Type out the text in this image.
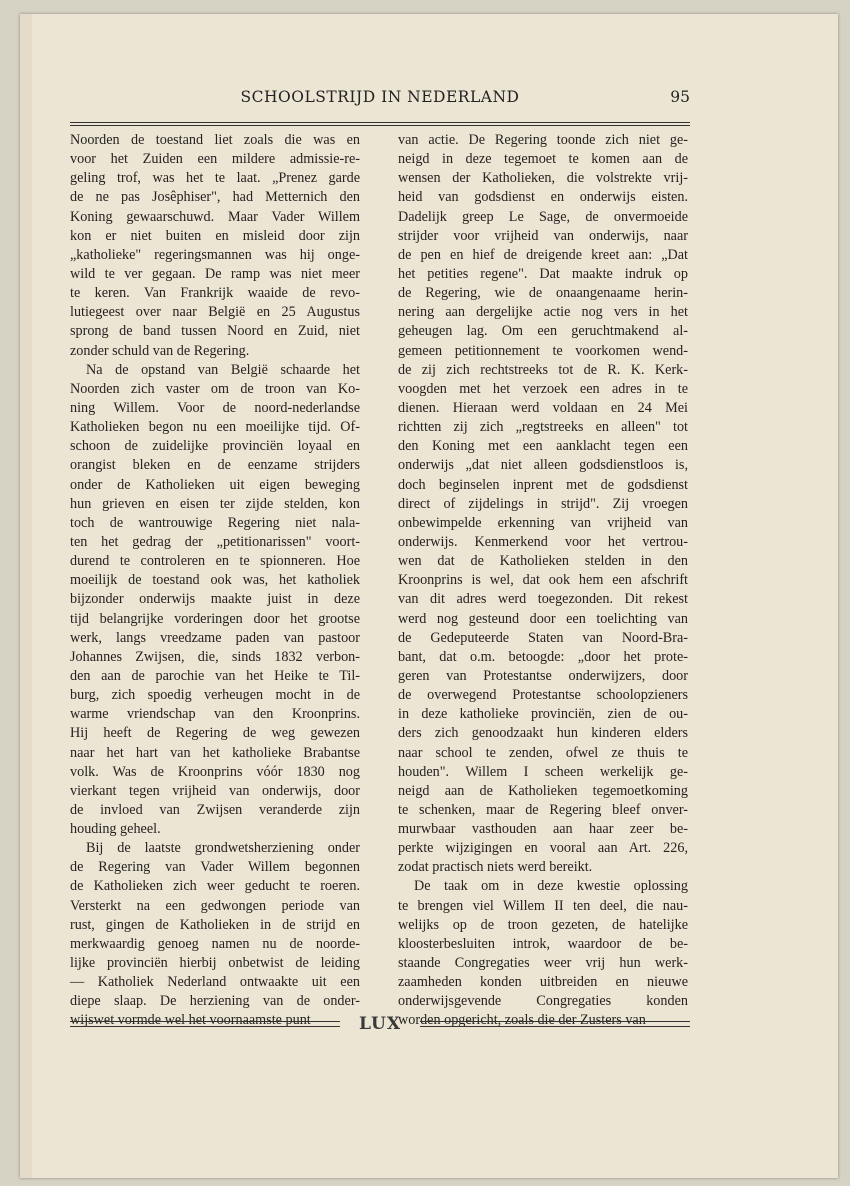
SCHOOLSTRIJD IN NEDERLAND	95
Noorden de toestand liet zoals die was en
voor het Zuiden een mildere admissie-re-
geling trof, was het te laat. „Prenez garde
de ne pas Josêphiser", had Metternich den
Koning gewaarschuwd. Maar Vader Willem
kon er niet buiten en misleid door zijn
„katholieke" regeringsmannen was hij onge-
wild te ver gegaan. De ramp was niet meer
te keren. Van Frankrijk waaide de revo-
lutiegeest over naar België en 25 Augustus
sprong de band tussen Noord en Zuid, niet
zonder schuld van de Regering.
Na de opstand van België schaarde het
Noorden zich vaster om de troon van Ko-
ning Willem. Voor de noord-nederlandse
Katholieken begon nu een moeilijke tijd. Of-
schoon de zuidelijke provinciën loyaal en
orangist bleken en de eenzame strijders
onder de Katholieken uit eigen beweging
hun grieven en eisen ter zijde stelden, kon
toch de wantrouwige Regering niet nala-
ten het gedrag der „petitionarissen" voort-
durend te controleren en te spionneren. Hoe
moeilijk de toestand ook was, het katholiek
bijzonder onderwijs maakte juist in deze
tijd belangrijke vorderingen door het grootse
werk, langs vreedzame paden van pastoor
Johannes Zwijsen, die, sinds 1832 verbon-
den aan de parochie van het Heike te Til-
burg, zich spoedig verheugen mocht in de
warme vriendschap van den Kroonprins.
Hij heeft de Regering de weg gewezen
naar het hart van het katholieke Brabantse
volk. Was de Kroonprins vóór 1830 nog
vierkant tegen vrijheid van onderwijs, door
de invloed van Zwijsen veranderde zijn
houding geheel.
Bij de laatste grondwetsherziening onder
de Regering van Vader Willem begonnen
de Katholieken zich weer geducht te roeren.
Versterkt na een gedwongen periode van
rust, gingen de Katholieken in de strijd en
merkwaardig genoeg namen nu de noorde-
lijke provinciën hierbij onbetwist de leiding
— Katholiek Nederland ontwaakte uit een
diepe slaap. De herziening van de onder-
wijswet vormde wel het voornaamste punt
van actie. De Regering toonde zich niet ge-
neigd in deze tegemoet te komen aan de
wensen der Katholieken, die volstrekte vrij-
heid van godsdienst en onderwijs eisten.
Dadelijk greep Le Sage, de onvermoeide
strijder voor vrijheid van onderwijs, naar
de pen en hief de dreigende kreet aan: „Dat
het petities regene". Dat maakte indruk op
de Regering, wie de onaangenaame herin-
nering aan dergelijke actie nog vers in het
geheugen lag. Om een geruchtmakend al-
gemeen petitionnement te voorkomen wend-
de zij zich rechtstreeks tot de R. K. Kerk-
voogden met het verzoek een adres in te
dienen. Hieraan werd voldaan en 24 Mei
richtten zij zich „regtstreeks en alleen" tot
den Koning met een aanklacht tegen een
onderwijs „dat niet alleen godsdienstloos is,
doch beginselen inprent met de godsdienst
direct of zijdelings in strijd". Zij vroegen
onbewimpelde erkenning van vrijheid van
onderwijs. Kenmerkend voor het vertrou-
wen dat de Katholieken stelden in den
Kroonprins is wel, dat ook hem een afschrift
van dit adres werd toegezonden. Dit rekest
werd nog gesteund door een toelichting van
de Gedeputeerde Staten van Noord-Bra-
bant, dat o.m. betoogde: „door het prote-
geren van Protestantse onderwijzers, door
de overwegend Protestantse schoolopzieners
in deze katholieke provinciën, zien de ou-
ders zich genoodzaakt hun kinderen elders
naar school te zenden, ofwel ze thuis te
houden". Willem I scheen werkelijk ge-
neigd aan de Katholieken tegemoetkoming
te schenken, maar de Regering bleef onver-
murwbaar vasthouden aan haar zeer be-
perkte wijzigingen en vooral aan Art. 226,
zodat practisch niets werd bereikt.
De taak om in deze kwestie oplossing
te brengen viel Willem II ten deel, die nau-
welijks op de troon gezeten, de hatelijke
kloosterbesluiten introk, waardoor de be-
staande Congregaties weer vrij hun werk-
zaamheden konden uitbreiden en nieuwe
onderwijsgevende Congregaties konden
worden opgericht, zoals die der Zusters van
LUX
